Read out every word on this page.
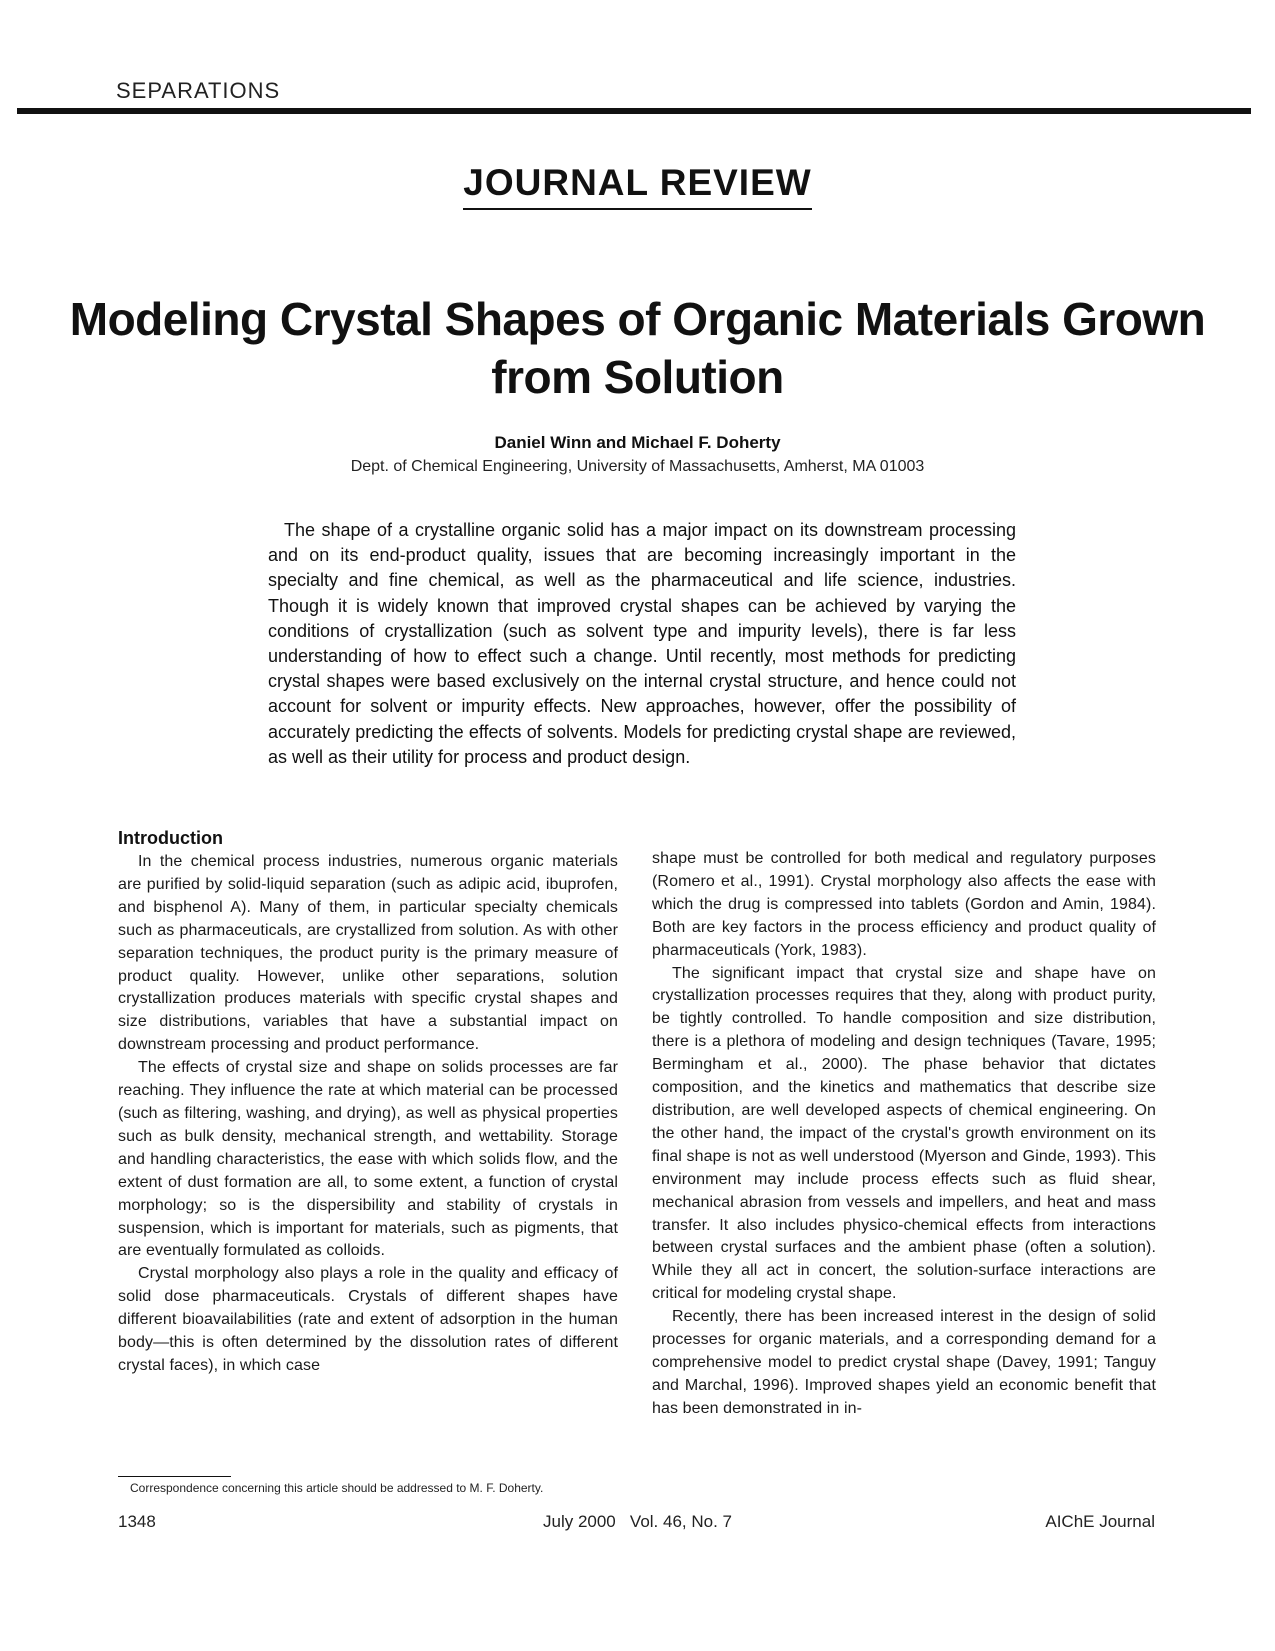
SEPARATIONS
JOURNAL REVIEW
Modeling Crystal Shapes of Organic Materials Grown from Solution
Daniel Winn and Michael F. Doherty
Dept. of Chemical Engineering, University of Massachusetts, Amherst, MA 01003

The shape of a crystalline organic solid has a major impact on its downstream processing and on its end-product quality, issues that are becoming increasingly important in the specialty and fine chemical, as well as the pharmaceutical and life science, industries. Though it is widely known that improved crystal shapes can be achieved by varying the conditions of crystallization (such as solvent type and impurity levels), there is far less understanding of how to effect such a change. Until recently, most methods for predicting crystal shapes were based exclusively on the internal crystal structure, and hence could not account for solvent or impurity effects. New approaches, however, offer the possibility of accurately predicting the effects of solvents. Models for predicting crystal shape are reviewed, as well as their utility for process and product design.

Introduction

In the chemical process industries, numerous organic materials are purified by solid-liquid separation (such as adipic acid, ibuprofen, and bisphenol A). Many of them, in particular specialty chemicals such as pharmaceuticals, are crystallized from solution. As with other separation techniques, the product purity is the primary measure of product quality. However, unlike other separations, solution crystallization produces materials with specific crystal shapes and size distributions, variables that have a substantial impact on downstream processing and product performance.

The effects of crystal size and shape on solids processes are far reaching. They influence the rate at which material can be processed (such as filtering, washing, and drying), as well as physical properties such as bulk density, mechanical strength, and wettability. Storage and handling characteristics, the ease with which solids flow, and the extent of dust formation are all, to some extent, a function of crystal morphology; so is the dispersibility and stability of crystals in suspension, which is important for materials, such as pigments, that are eventually formulated as colloids.

Crystal morphology also plays a role in the quality and efficacy of solid dose pharmaceuticals. Crystals of different shapes have different bioavailabilities (rate and extent of adsorption in the human body—this is often determined by the dissolution rates of different crystal faces), in which case

shape must be controlled for both medical and regulatory purposes (Romero et al., 1991). Crystal morphology also affects the ease with which the drug is compressed into tablets (Gordon and Amin, 1984). Both are key factors in the process efficiency and product quality of pharmaceuticals (York, 1983).

The significant impact that crystal size and shape have on crystallization processes requires that they, along with product purity, be tightly controlled. To handle composition and size distribution, there is a plethora of modeling and design techniques (Tavare, 1995; Bermingham et al., 2000). The phase behavior that dictates composition, and the kinetics and mathematics that describe size distribution, are well developed aspects of chemical engineering. On the other hand, the impact of the crystal's growth environment on its final shape is not as well understood (Myerson and Ginde, 1993). This environment may include process effects such as fluid shear, mechanical abrasion from vessels and impellers, and heat and mass transfer. It also includes physico-chemical effects from interactions between crystal surfaces and the ambient phase (often a solution). While they all act in concert, the solution-surface interactions are critical for modeling crystal shape.

Recently, there has been increased interest in the design of solid processes for organic materials, and a corresponding demand for a comprehensive model to predict crystal shape (Davey, 1991; Tanguy and Marchal, 1996). Improved shapes yield an economic benefit that has been demonstrated in in-

Correspondence concerning this article should be addressed to M. F. Doherty.
1348	July 2000   Vol. 46, No. 7	AIChE Journal
